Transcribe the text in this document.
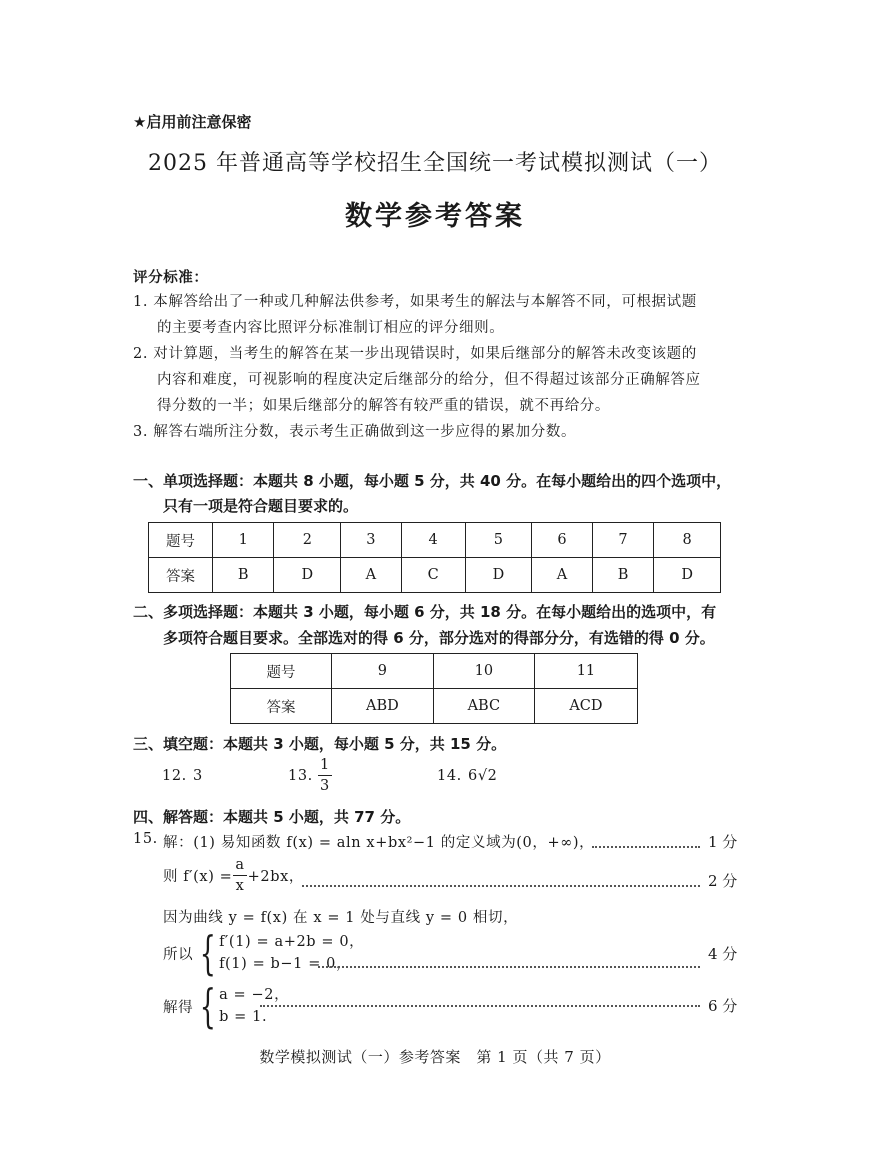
★启用前注意保密
2025 年普通高等学校招生全国统一考试模拟测试（一）
数学参考答案
评分标准：
1. 本解答给出了一种或几种解法供参考，如果考生的解法与本解答不同，可根据试题
的主要考查内容比照评分标准制订相应的评分细则。
2. 对计算题，当考生的解答在某一步出现错误时，如果后继部分的解答未改变该题的
内容和难度，可视影响的程度决定后继部分的给分，但不得超过该部分正确解答应
得分数的一半；如果后继部分的解答有较严重的错误，就不再给分。
3. 解答右端所注分数，表示考生正确做到这一步应得的累加分数。
一、单项选择题：本题共 8 小题，每小题 5 分，共 40 分。在每小题给出的四个选项中，
只有一项是符合题目要求的。
题号	1	2	3	4	5	6	7	8
答案	B	D	A	C	D	A	B	D
二、多项选择题：本题共 3 小题，每小题 6 分，共 18 分。在每小题给出的选项中，有
多项符合题目要求。全部选对的得 6 分，部分选对的得部分分，有选错的得 0 分。
题号	9	10	11
答案	ABD	ABC	ACD
三、填空题：本题共 3 小题，每小题 5 分，共 15 分。
12. 3	13. $\frac{1}{3}$	14. 6√2
四、解答题：本题共 5 小题，共 77 分。
15. 解：(1) 易知函数 f(x) = aln x+bx²−1 的定义域为(0，+∞)，	1 分
则 $f'(x) = \frac{a}{x} +2bx$，	2 分
因为曲线 y = f(x) 在 x = 1 处与直线 y = 0 相切，
所以 { f′(1) = a+2b = 0，
f(1) = b−1 = 0，
4 分
解得 { a = −2，
b = 1.
6 分
数学模拟测试（一）参考答案　第 1 页（共 7 页）
